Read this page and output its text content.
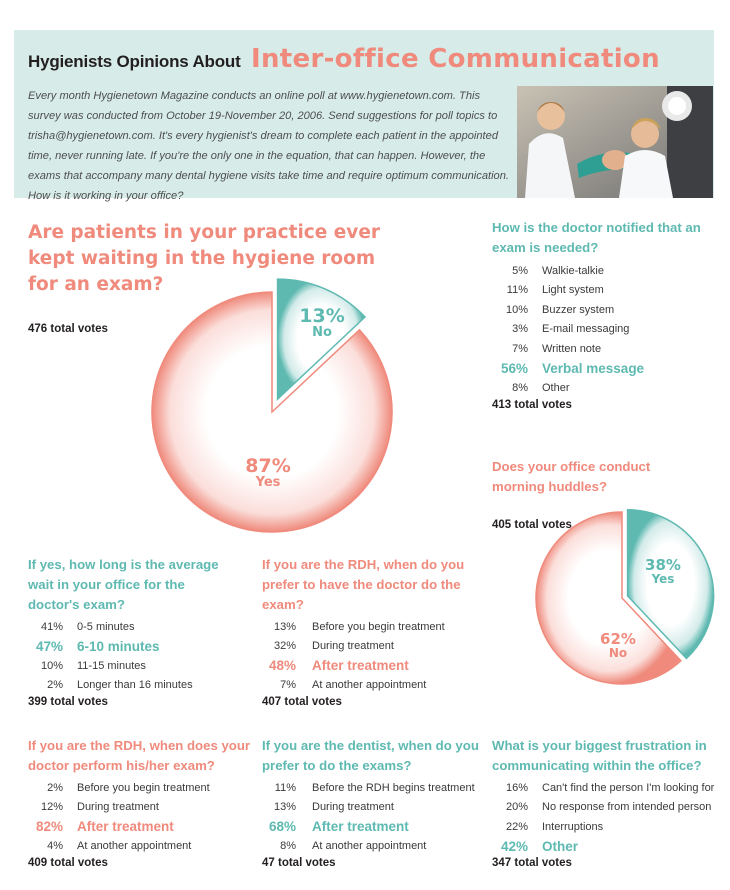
Hygienists Opinions About Inter-office Communication

Every month Hygienetown Magazine conducts an online poll at www.hygienetown.com. This survey was conducted from October 19-November 20, 2006. Send suggestions for poll topics to trisha@hygienetown.com. It's every hygienist's dream to complete each patient in the appointed time, never running late. If you're the only one in the equation, that can happen. However, the exams that accompany many dental hygiene visits take time and require optimum communication. How is it working in your office?

Are patients in your practice ever kept waiting in the hygiene room for an exam?
476 total votes
13%
No
87%
Yes
How is the doctor notified that an exam is needed?
5% Walkie-talkie
11% Light system
10% Buzzer system
3% E-mail messaging
7% Written note
56% Verbal message
8% Other
413 total votes
Does your office conduct morning huddles?
405 total votes
38%
Yes
62%
No
If yes, how long is the average wait in your office for the doctor's exam?
41% 0-5 minutes
47% 6-10 minutes
10% 11-15 minutes
2% Longer than 16 minutes
399 total votes
If you are the RDH, when do you prefer to have the doctor do the exam?
13% Before you begin treatment
32% During treatment
48% After treatment
7% At another appointment
407 total votes
If you are the RDH, when does your doctor perform his/her exam?
2% Before you begin treatment
12% During treatment
82% After treatment
4% At another appointment
409 total votes
If you are the dentist, when do you prefer to do the exams?
11% Before the RDH begins treatment
13% During treatment
68% After treatment
8% At another appointment
47 total votes
What is your biggest frustration in communicating within the office?
16% Can't find the person I'm looking for
20% No response from intended person
22% Interruptions
42% Other
347 total votes
